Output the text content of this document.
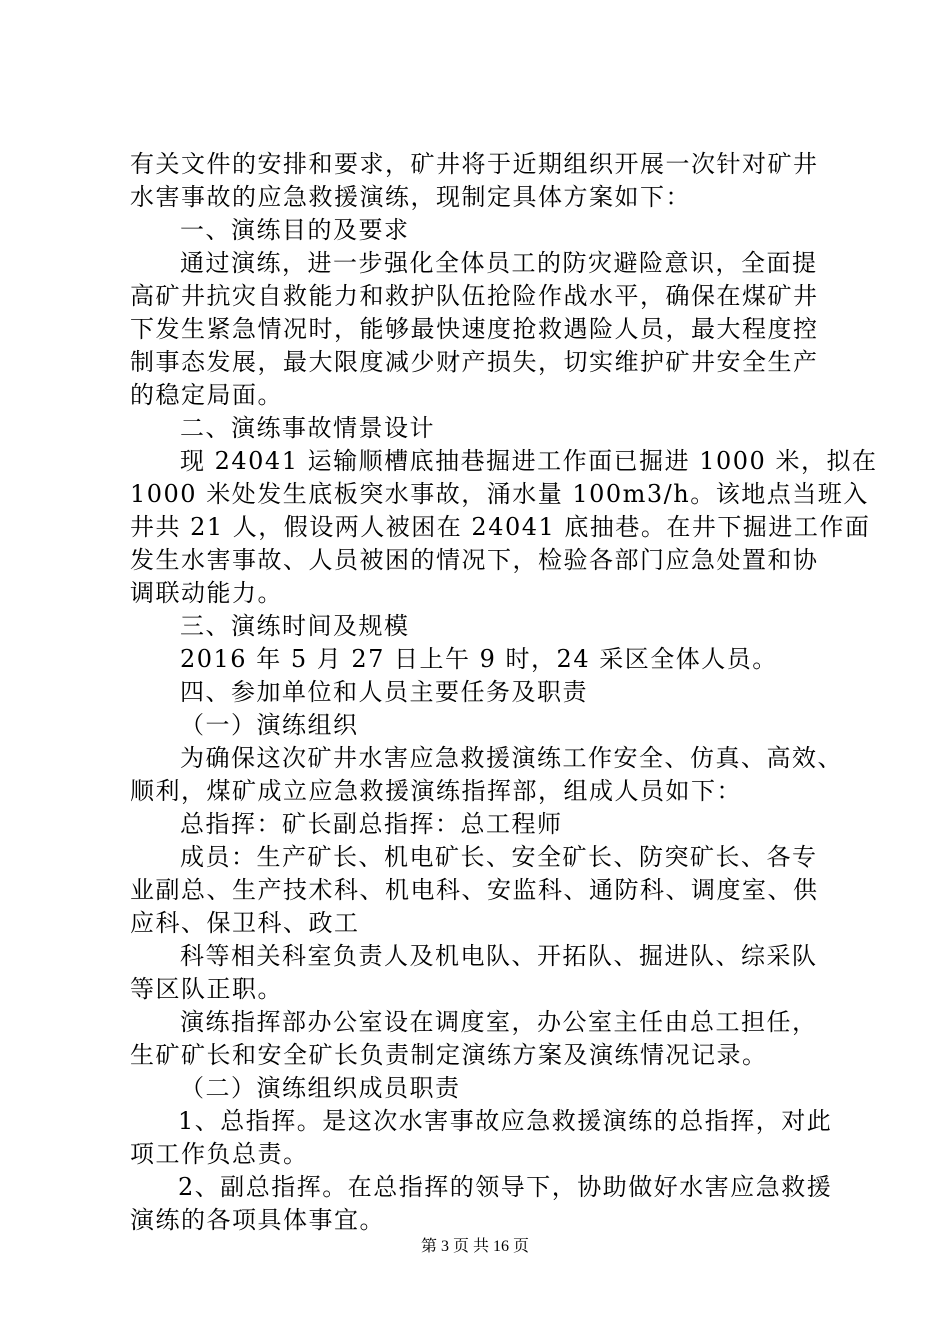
有关文件的安排和要求，矿井将于近期组织开展一次针对矿井
水害事故的应急救援演练，现制定具体方案如下：
一、演练目的及要求
通过演练，进一步强化全体员工的防灾避险意识，全面提
高矿井抗灾自救能力和救护队伍抢险作战水平，确保在煤矿井
下发生紧急情况时，能够最快速度抢救遇险人员，最大程度控
制事态发展，最大限度减少财产损失，切实维护矿井安全生产
的稳定局面。
二、演练事故情景设计
现 24041 运输顺槽底抽巷掘进工作面已掘进 1000 米，拟在
1000 米处发生底板突水事故，涌水量 100m3/h。该地点当班入
井共 21 人，假设两人被困在 24041 底抽巷。在井下掘进工作面
发生水害事故、人员被困的情况下，检验各部门应急处置和协
调联动能力。
三、演练时间及规模
2016 年 5 月 27 日上午 9 时，24 采区全体人员。
四、参加单位和人员主要任务及职责
（一）演练组织
为确保这次矿井水害应急救援演练工作安全、仿真、高效、
顺利，煤矿成立应急救援演练指挥部，组成人员如下：
总指挥：矿长副总指挥：总工程师
成员：生产矿长、机电矿长、安全矿长、防突矿长、各专
业副总、生产技术科、机电科、安监科、通防科、调度室、供
应科、保卫科、政工
科等相关科室负责人及机电队、开拓队、掘进队、综采队
等区队正职。
演练指挥部办公室设在调度室，办公室主任由总工担任，
生矿矿长和安全矿长负责制定演练方案及演练情况记录。
（二）演练组织成员职责
1、总指挥。是这次水害事故应急救援演练的总指挥，对此
项工作负总责。
2、副总指挥。在总指挥的领导下，协助做好水害应急救援
演练的各项具体事宜。
第 3 页 共 16 页
